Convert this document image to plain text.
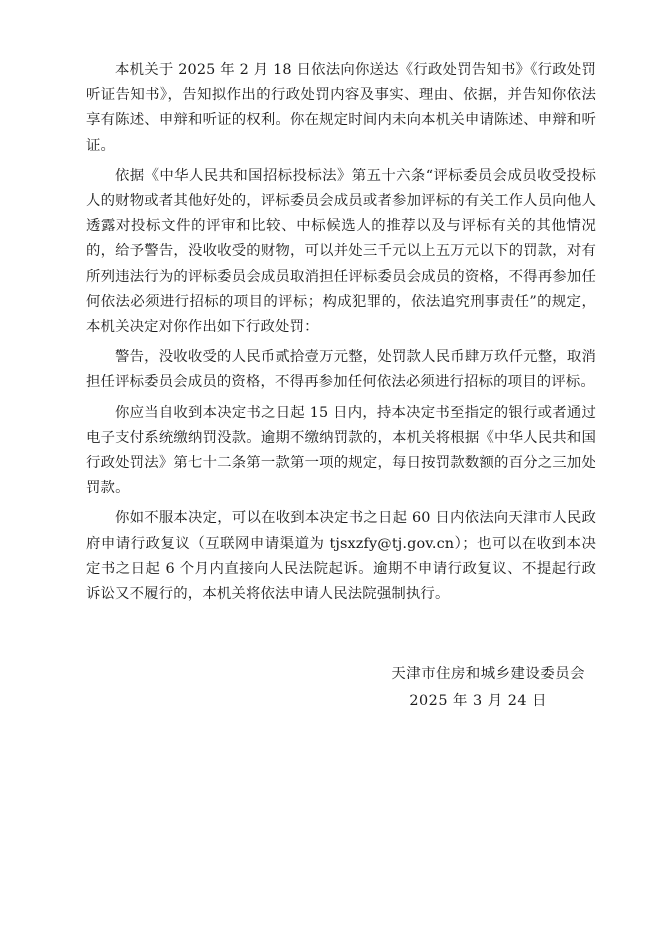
本机关于 2025 年 2 月 18 日依法向你送达《行政处罚告知书》《行政处罚听证告知书》，告知拟作出的行政处罚内容及事实、理由、依据，并告知你依法享有陈述、申辩和听证的权利。你在规定时间内未向本机关申请陈述、申辩和听证。

依据《中华人民共和国招标投标法》第五十六条“评标委员会成员收受投标人的财物或者其他好处的，评标委员会成员或者参加评标的有关工作人员向他人透露对投标文件的评审和比较、中标候选人的推荐以及与评标有关的其他情况的，给予警告，没收收受的财物，可以并处三千元以上五万元以下的罚款，对有所列违法行为的评标委员会成员取消担任评标委员会成员的资格，不得再参加任何依法必须进行招标的项目的评标；构成犯罪的，依法追究刑事责任”的规定，本机关决定对你作出如下行政处罚：

警告，没收收受的人民币贰拾壹万元整，处罚款人民币肆万玖仟元整，取消担任评标委员会成员的资格，不得再参加任何依法必须进行招标的项目的评标。

你应当自收到本决定书之日起 15 日内，持本决定书至指定的银行或者通过电子支付系统缴纳罚没款。逾期不缴纳罚款的，本机关将根据《中华人民共和国行政处罚法》第七十二条第一款第一项的规定，每日按罚款数额的百分之三加处罚款。

你如不服本决定，可以在收到本决定书之日起 60 日内依法向天津市人民政府申请行政复议（互联网申请渠道为 tjsxzfy@tj.gov.cn）；也可以在收到本决定书之日起 6 个月内直接向人民法院起诉。逾期不申请行政复议、不提起行政诉讼又不履行的，本机关将依法申请人民法院强制执行。

天津市住房和城乡建设委员会
2025 年 3 月 24 日
